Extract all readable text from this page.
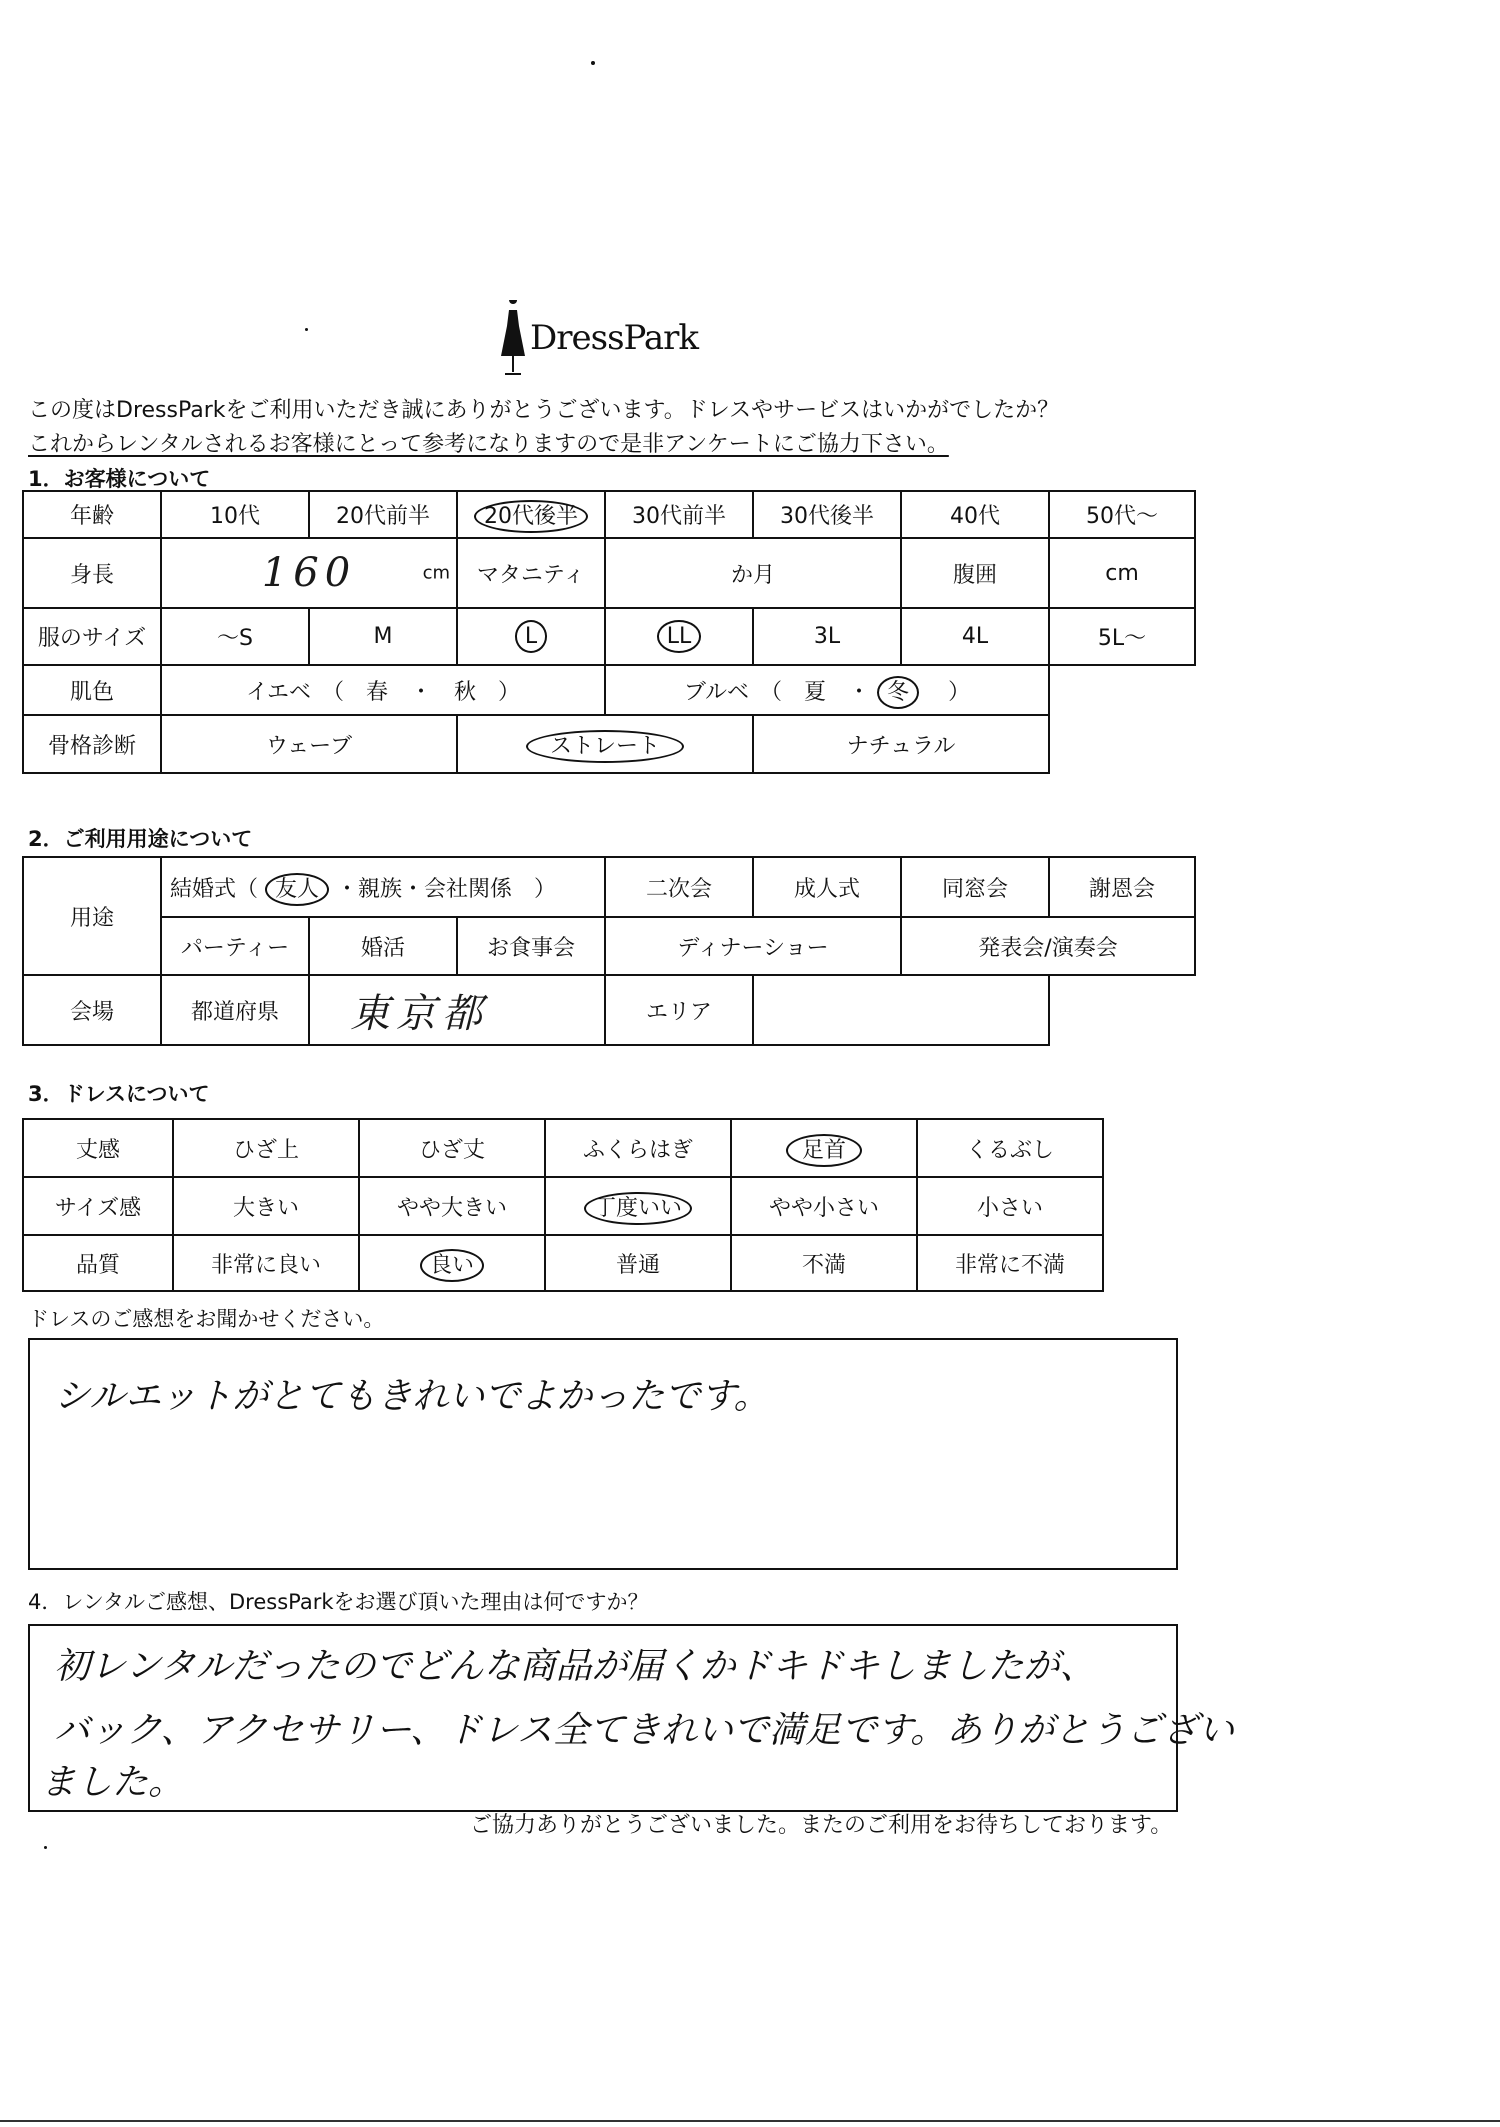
DressPark
この度はDressParkをご利用いただき誠にありがとうございます。ドレスやサービスはいかがでしたか？
これからレンタルされるお客様にとって参考になりますので是非アンケートにご協力下さい。
1．お客様について
年齢	10代	20代前半	20代後半	30代前半	30代後半	40代	50代～
身長	160 cm		マタニティ	か月		腹囲	cm
服のサイズ	～S	M	L	LL	3L	4L	5L～
肌色	イエベ　（　春　・　秋　）			ブルベ　（　夏　・ 冬 　）			
骨格診断	ウェーブ		ストレート		ナチュラル		
2．ご利用用途について
用途	結婚式（ 友人 ・親族・会社関係　）			二次会	成人式	同窓会	謝恩会
	パーティー	婚活	お食事会	ディナーショー		発表会/演奏会	
会場	都道府県	東京都		エリア			
3．ドレスについて
丈感	ひざ上	ひざ丈	ふくらはぎ	足首	くるぶし
サイズ感	大きい	やや大きい	丁度いい	やや小さい	小さい
品質	非常に良い	良い	普通	不満	非常に不満
ドレスのご感想をお聞かせください。
シルエットがとてもきれいでよかったです。
4．レンタルご感想、DressParkをお選び頂いた理由は何ですか？
初レンタルだったのでどんな商品が届くかドキドキしましたが、
バック、アクセサリー、ドレス全てきれいで満足です。ありがとうござい
ました。
ご協力ありがとうございました。またのご利用をお待ちしております。
